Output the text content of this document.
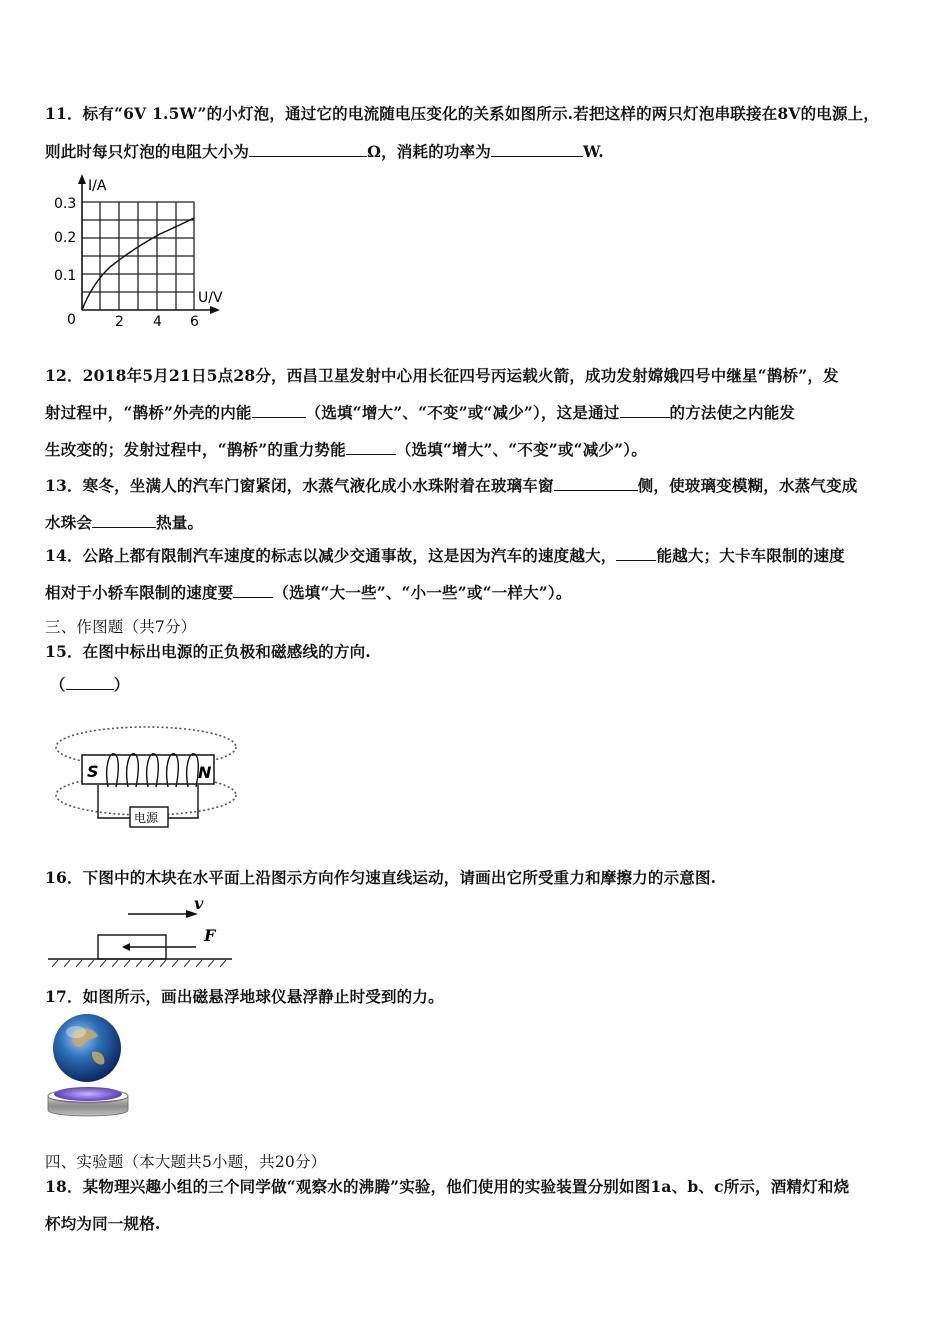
11．标有“6V 1.5W”的小灯泡，通过它的电流随电压变化的关系如图所示.若把这样的两只灯泡串联接在8V的电源上，
则此时每只灯泡的电阻大小为	Ω，消耗的功率为	W.
I/A
U/V
0.3
0.2
0.1
0	2 4 6
12．2018年5月21日5点28分，西昌卫星发射中心用长征四号丙运载火箭，成功发射嫦娥四号中继星“鹊桥”，发
射过程中，“鹊桥”外壳的内能	（选填“增大”、“不变”或“减少”），这是通过	的方法使之内能发
生改变的；发射过程中，“鹊桥”的重力势能	（选填“增大”、“不变”或“减少”）。
13．寒冬，坐满人的汽车门窗紧闭，水蒸气液化成小水珠附着在玻璃车窗	侧，使玻璃变模糊，水蒸气变成
水珠会	热量。
14．公路上都有限制汽车速度的标志以减少交通事故，这是因为汽车的速度越大，	能越大；大卡车限制的速度
相对于小轿车限制的速度要	（选填“大一些”、“小一些”或“一样大”）。
三、作图题（共7分）
15．在图中标出电源的正负极和磁感线的方向.
（	）
S	N
电源
16．下图中的木块在水平面上沿图示方向作匀速直线运动，请画出它所受重力和摩擦力的示意图.
v
F
17．如图所示，画出磁悬浮地球仪悬浮静止时受到的力。
四、实验题（本大题共5小题，共20分）
18．某物理兴趣小组的三个同学做“观察水的沸腾”实验，他们使用的实验装置分别如图1a、b、c所示，酒精灯和烧
杯均为同一规格.
